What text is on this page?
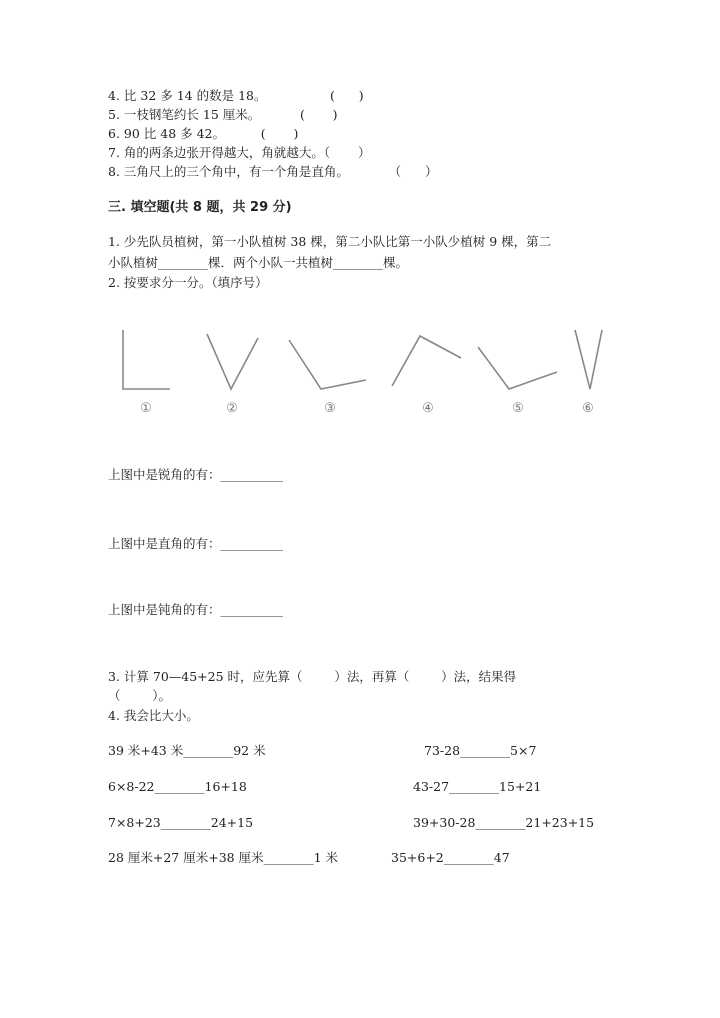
4. 比 32 多 14 的数是 18。                (      )
5. 一枝钢笔约长 15 厘米。          (       )
6. 90 比 48 多 42。         (       )
7. 角的两条边张开得越大，角就越大。（       ）
8. 三角尺上的三个角中，有一个角是直角。          （      ）
三. 填空题(共 8 题，共 29 分)
1. 少先队员植树，第一小队植树 38 棵，第二小队比第一小队少植树 9 棵，第二
小队植树________棵．两个小队一共植树________棵。
2. 按要求分一分。（填序号）
①	②	③	④	⑤	⑥
上图中是锐角的有：__________
上图中是直角的有：__________
上图中是钝角的有：__________
3. 计算 70—45+25 时，应先算（        ）法，再算（        ）法，结果得
（        ）。
4. 我会比大小。
39 米+43 米________92 米	73-28________5×7
6×8-22________16+18	43-27________15+21
7×8+23________24+15	39+30-28________21+23+15
28 厘米+27 厘米+38 厘米________1 米	35+6+2________47
